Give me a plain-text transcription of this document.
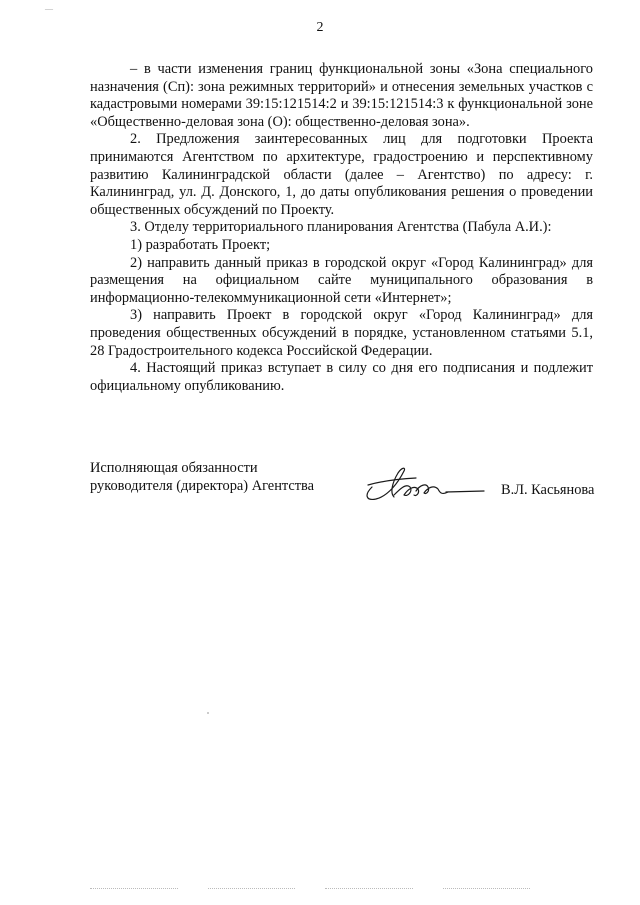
—
2

– в части изменения границ функциональной зоны «Зона специального назначения (Сп): зона режимных территорий» и отнесения земельных участков с кадастровыми номерами 39:15:121514:2 и 39:15:121514:3 к функциональной зоне «Общественно-деловая зона (О): общественно-деловая зона».

2. Предложения заинтересованных лиц для подготовки Проекта принимаются Агентством по архитектуре, градостроению и перспективному развитию Калининградской области (далее – Агентство) по адресу: г. Калининград, ул. Д. Донского, 1, до даты опубликования решения о проведении общественных обсуждений по Проекту.

3. Отделу территориального планирования Агентства (Пабула А.И.):

1) разработать Проект;

2) направить данный приказ в городской округ «Город Калининград» для размещения на официальном сайте муниципального образования в информационно-телекоммуникационной сети «Интернет»;

3) направить Проект в городской округ «Город Калининград» для проведения общественных обсуждений в порядке, установленном статьями 5.1, 28 Градостроительного кодекса Российской Федерации.

4. Настоящий приказ вступает в силу со дня его подписания и подлежит официальному опубликованию.

Исполняющая обязанности
руководителя (директора) Агентства	В.Л. Касьянова
